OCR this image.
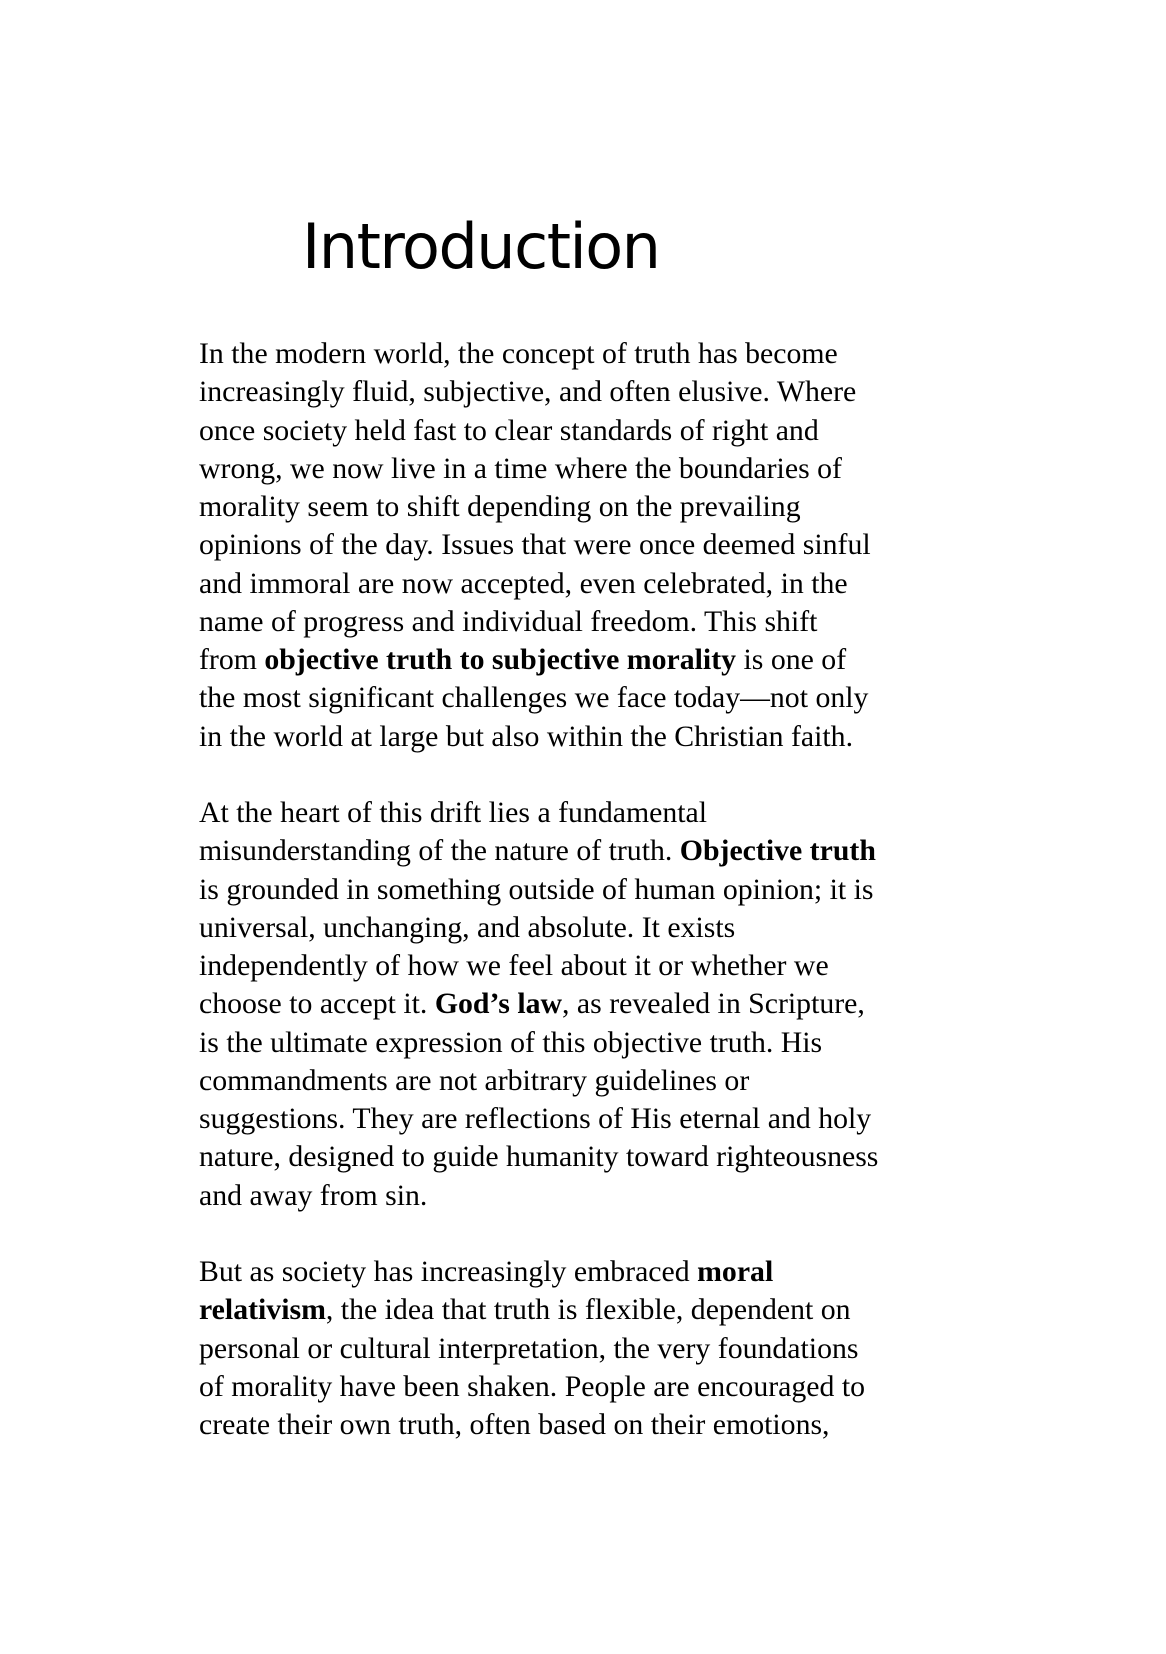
Introduction

In the modern world, the concept of truth has become
increasingly fluid, subjective, and often elusive. Where
once society held fast to clear standards of right and
wrong, we now live in a time where the boundaries of
morality seem to shift depending on the prevailing
opinions of the day. Issues that were once deemed sinful
and immoral are now accepted, even celebrated, in the
name of progress and individual freedom. This shift
from objective truth to subjective morality is one of
the most significant challenges we face today—not only
in the world at large but also within the Christian faith.

At the heart of this drift lies a fundamental
misunderstanding of the nature of truth. Objective truth
is grounded in something outside of human opinion; it is
universal, unchanging, and absolute. It exists
independently of how we feel about it or whether we
choose to accept it. God’s law, as revealed in Scripture,
is the ultimate expression of this objective truth. His
commandments are not arbitrary guidelines or
suggestions. They are reflections of His eternal and holy
nature, designed to guide humanity toward righteousness
and away from sin.

But as society has increasingly embraced moral
relativism, the idea that truth is flexible, dependent on
personal or cultural interpretation, the very foundations
of morality have been shaken. People are encouraged to
create their own truth, often based on their emotions,
